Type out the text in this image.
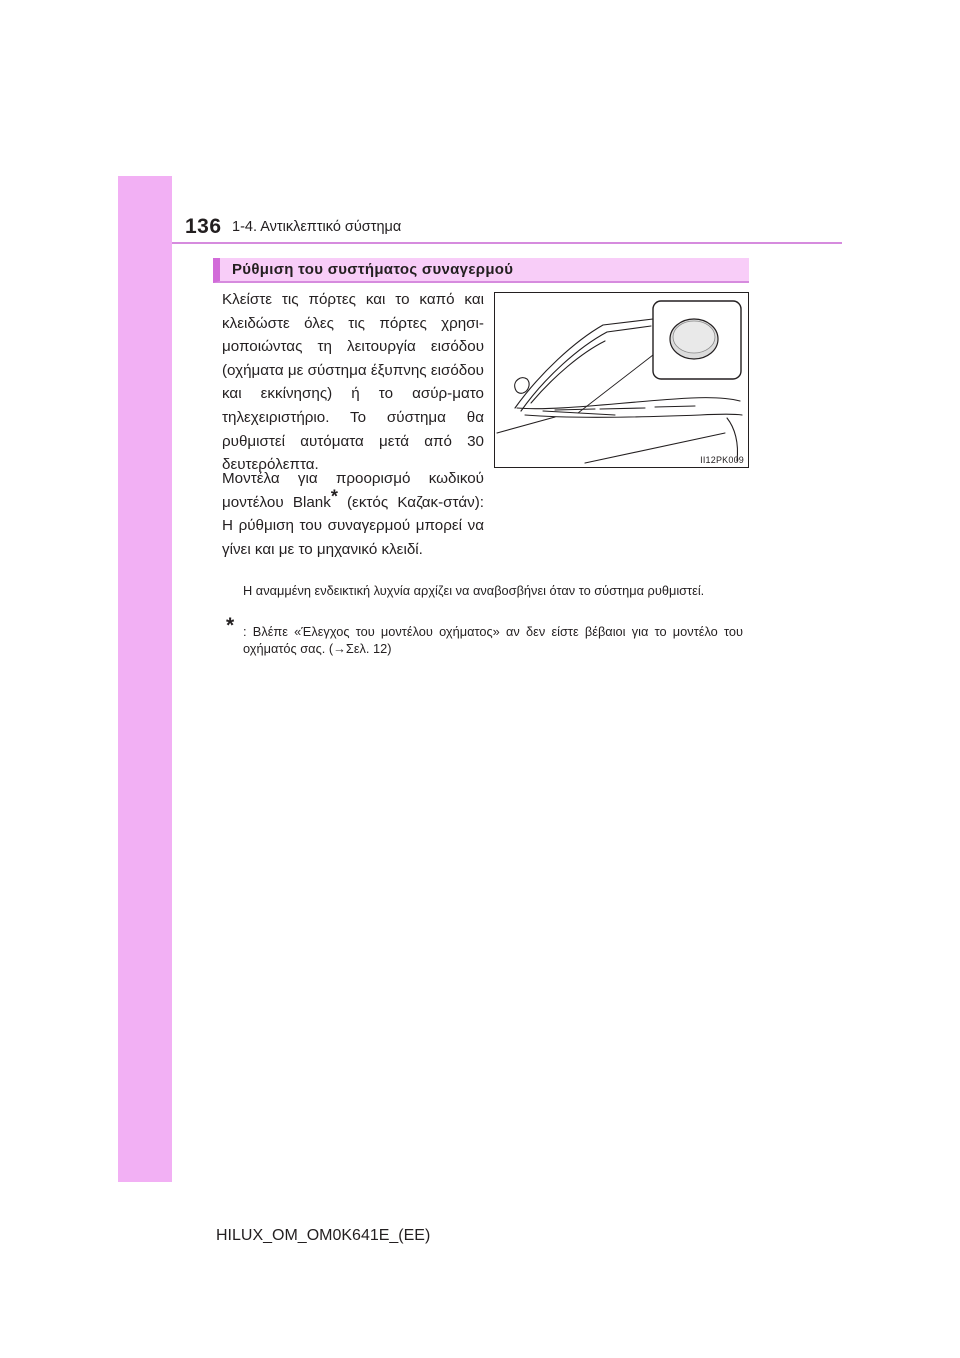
136 1-4. Αντικλεπτικό σύστημα
Ρύθμιση του συστήματος συναγερμού

Κλείστε τις πόρτες και το καπό και κλειδώστε όλες τις πόρτες χρησι-μοποιώντας τη λειτουργία εισόδου (οχήματα με σύστημα έξυπνης εισόδου και εκκίνησης) ή το ασύρ-ματο τηλεχειριστήριο. Το σύστημα θα ρυθμιστεί αυτόματα μετά από 30 δευτερόλεπτα.

Μοντέλα για προορισμό κωδικού μοντέλου Blank* (εκτός Καζακ-στάν): Η ρύθμιση του συναγερμού μπορεί να γίνει και με το μηχανικό κλειδί.

II12PK009

Η αναμμένη ενδεικτική λυχνία αρχίζει να αναβοσβήνει όταν το σύστημα ρυθμιστεί.

* : Βλέπε «Έλεγχος του μοντέλου οχήματος» αν δεν είστε βέβαιοι για το μοντέλο του οχήματός σας. (→Σελ. 12)

HILUX_OM_OM0K641E_(EE)
